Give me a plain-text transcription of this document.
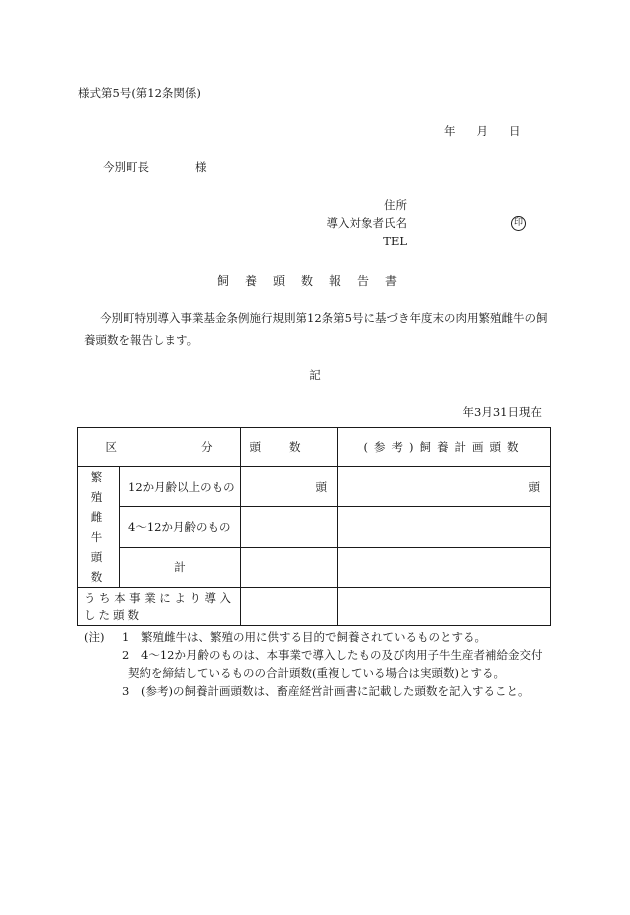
様式第5号(第12条関係)
年 月 日
今別町長	様
住所
導入対象者氏名	印
TEL
飼養頭数報告書
今別町特別導入事業基金条例施行規則第12条第5号に基づき年度末の肉用繁殖雌牛の飼養頭数を報告します。
記
年3月31日現在
区 分		頭数	(参考)飼養計画頭数

繁殖雌牛頭数	12か月齢以上のもの	頭	頭
	4〜12か月齢のもの		
	計		
うち本事業により導入した頭数			
(注) 1 繁殖雌牛は、繁殖の用に供する目的で飼養されているものとする。
2 4〜12か月齢のものは、本事業で導入したもの及び肉用子牛生産者補給金交付
契約を締結しているものの合計頭数(重複している場合は実頭数)とする。
3 (参考)の飼養計画頭数は、畜産経営計画書に記載した頭数を記入すること。
